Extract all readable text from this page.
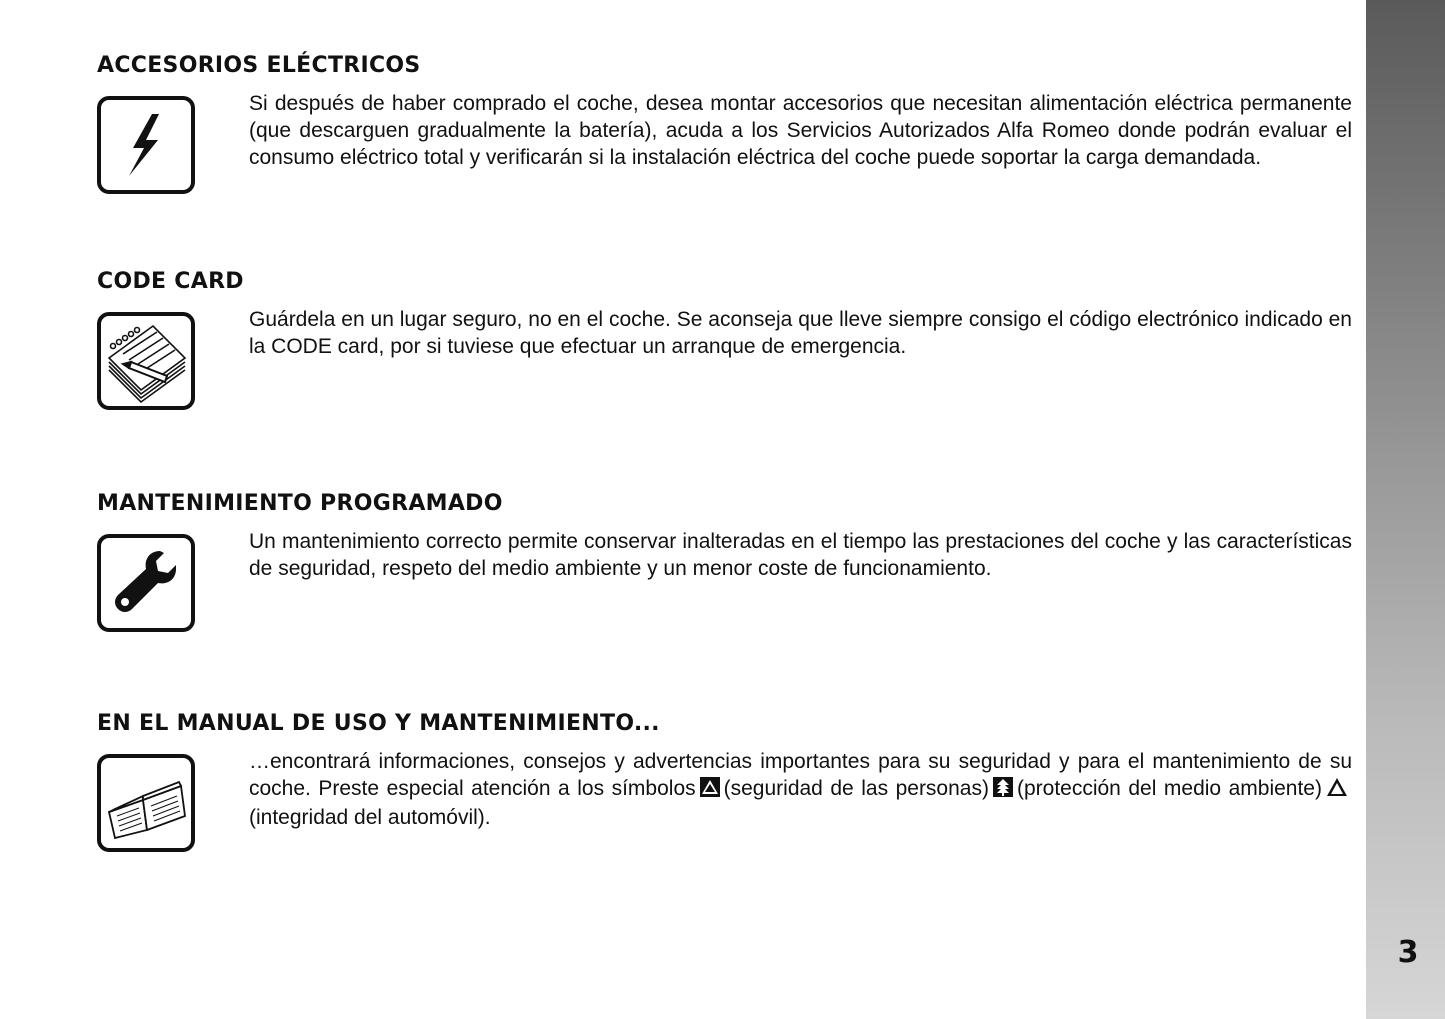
3
ACCESORIOS ELÉCTRICOS

Si después de haber comprado el coche, desea montar accesorios que necesitan alimentación eléctrica permanente (que descarguen gradualmente la batería), acuda a los Servicios Autorizados Alfa Romeo donde podrán evaluar el consumo eléctrico total y verificarán si la instalación eléctrica del coche puede soportar la carga demandada.

CODE CARD

Guárdela en un lugar seguro, no en el coche. Se aconseja que lleve siempre consigo el código electrónico indicado en la CODE card, por si tuviese que efectuar un arranque de emergencia.

MANTENIMIENTO PROGRAMADO

Un mantenimiento correcto permite conservar inalteradas en el tiempo las prestaciones del coche y las características de seguridad, respeto del medio ambiente y un menor coste de funcionamiento.

EN EL MANUAL DE USO Y MANTENIMIENTO...

…encontrará informaciones, consejos y advertencias importantes para su seguridad y para el mantenimiento de su coche. Preste especial atención a los símbolos (seguridad de las personas) (protección del medio ambiente)(integridad del automóvil).
